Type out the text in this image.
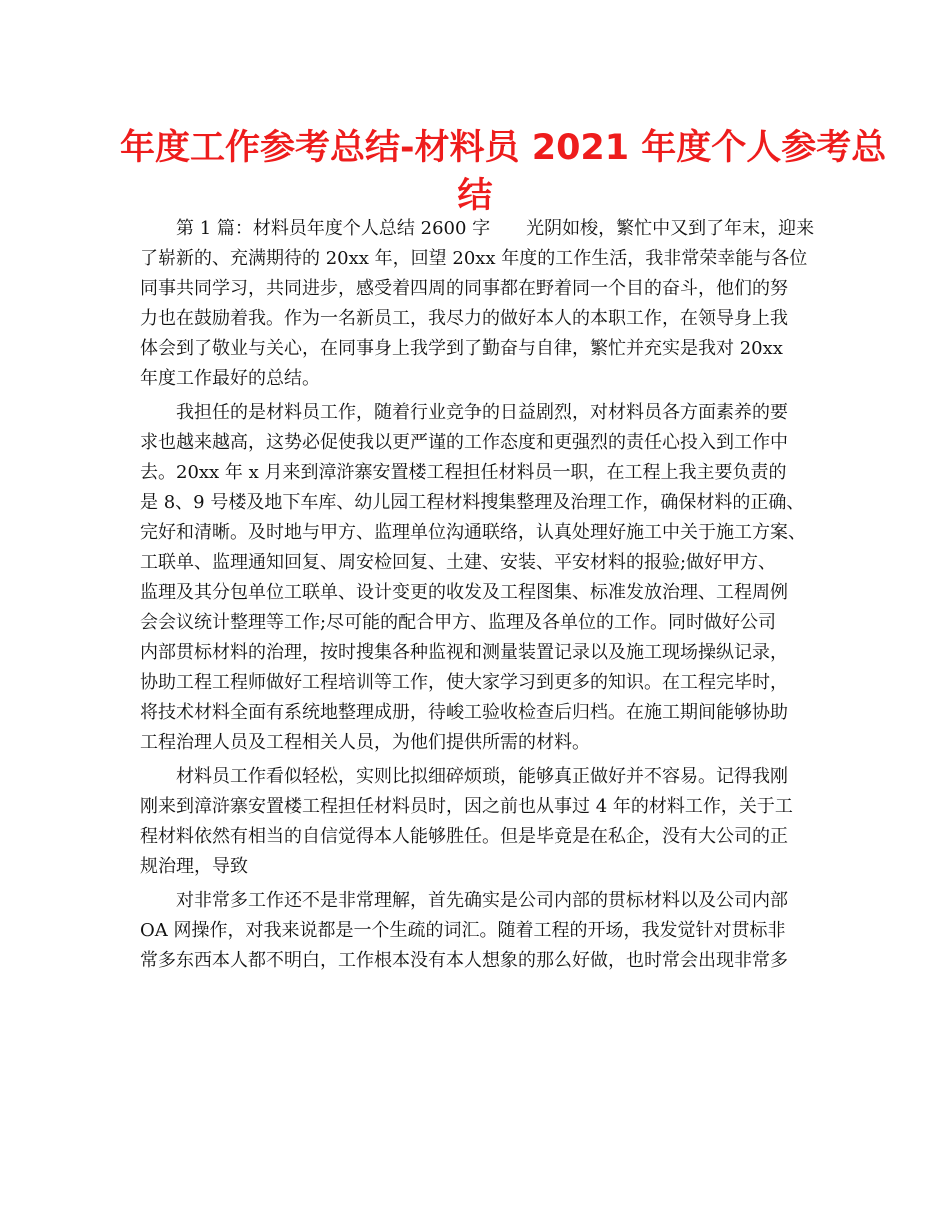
年度工作参考总结-材料员 2021 年度个人参考总
结

第 1 篇：材料员年度个人总结 2600 字　　光阴如梭，繁忙中又到了年末，迎来
了崭新的、充满期待的 20xx 年，回望 20xx 年度的工作生活，我非常荣幸能与各位
同事共同学习，共同进步，感受着四周的同事都在野着同一个目的奋斗，他们的努
力也在鼓励着我。作为一名新员工，我尽力的做好本人的本职工作，在领导身上我
体会到了敬业与关心，在同事身上我学到了勤奋与自律，繁忙并充实是我对 20xx
年度工作最好的总结。

我担任的是材料员工作，随着行业竞争的日益剧烈，对材料员各方面素养的要
求也越来越高，这势必促使我以更严谨的工作态度和更强烈的责任心投入到工作中
去。20xx 年 x 月来到漳浒寨安置楼工程担任材料员一职，在工程上我主要负责的
是 8、9 号楼及地下车库、幼儿园工程材料搜集整理及治理工作，确保材料的正确、
完好和清晰。及时地与甲方、监理单位沟通联络，认真处理好施工中关于施工方案、
工联单、监理通知回复、周安检回复、土建、安装、平安材料的报验;做好甲方、
监理及其分包单位工联单、设计变更的收发及工程图集、标准发放治理、工程周例
会会议统计整理等工作;尽可能的配合甲方、监理及各单位的工作。同时做好公司
内部贯标材料的治理，按时搜集各种监视和测量装置记录以及施工现场操纵记录，
协助工程工程师做好工程培训等工作，使大家学习到更多的知识。在工程完毕时，
将技术材料全面有系统地整理成册，待峻工验收检查后归档。在施工期间能够协助
工程治理人员及工程相关人员，为他们提供所需的材料。

材料员工作看似轻松，实则比拟细碎烦琐，能够真正做好并不容易。记得我刚
刚来到漳浒寨安置楼工程担任材料员时，因之前也从事过 4 年的材料工作，关于工
程材料依然有相当的自信觉得本人能够胜任。但是毕竟是在私企，没有大公司的正
规治理，导致

对非常多工作还不是非常理解，首先确实是公司内部的贯标材料以及公司内部
OA 网操作，对我来说都是一个生疏的词汇。随着工程的开场，我发觉针对贯标非
常多东西本人都不明白，工作根本没有本人想象的那么好做，也时常会出现非常多
